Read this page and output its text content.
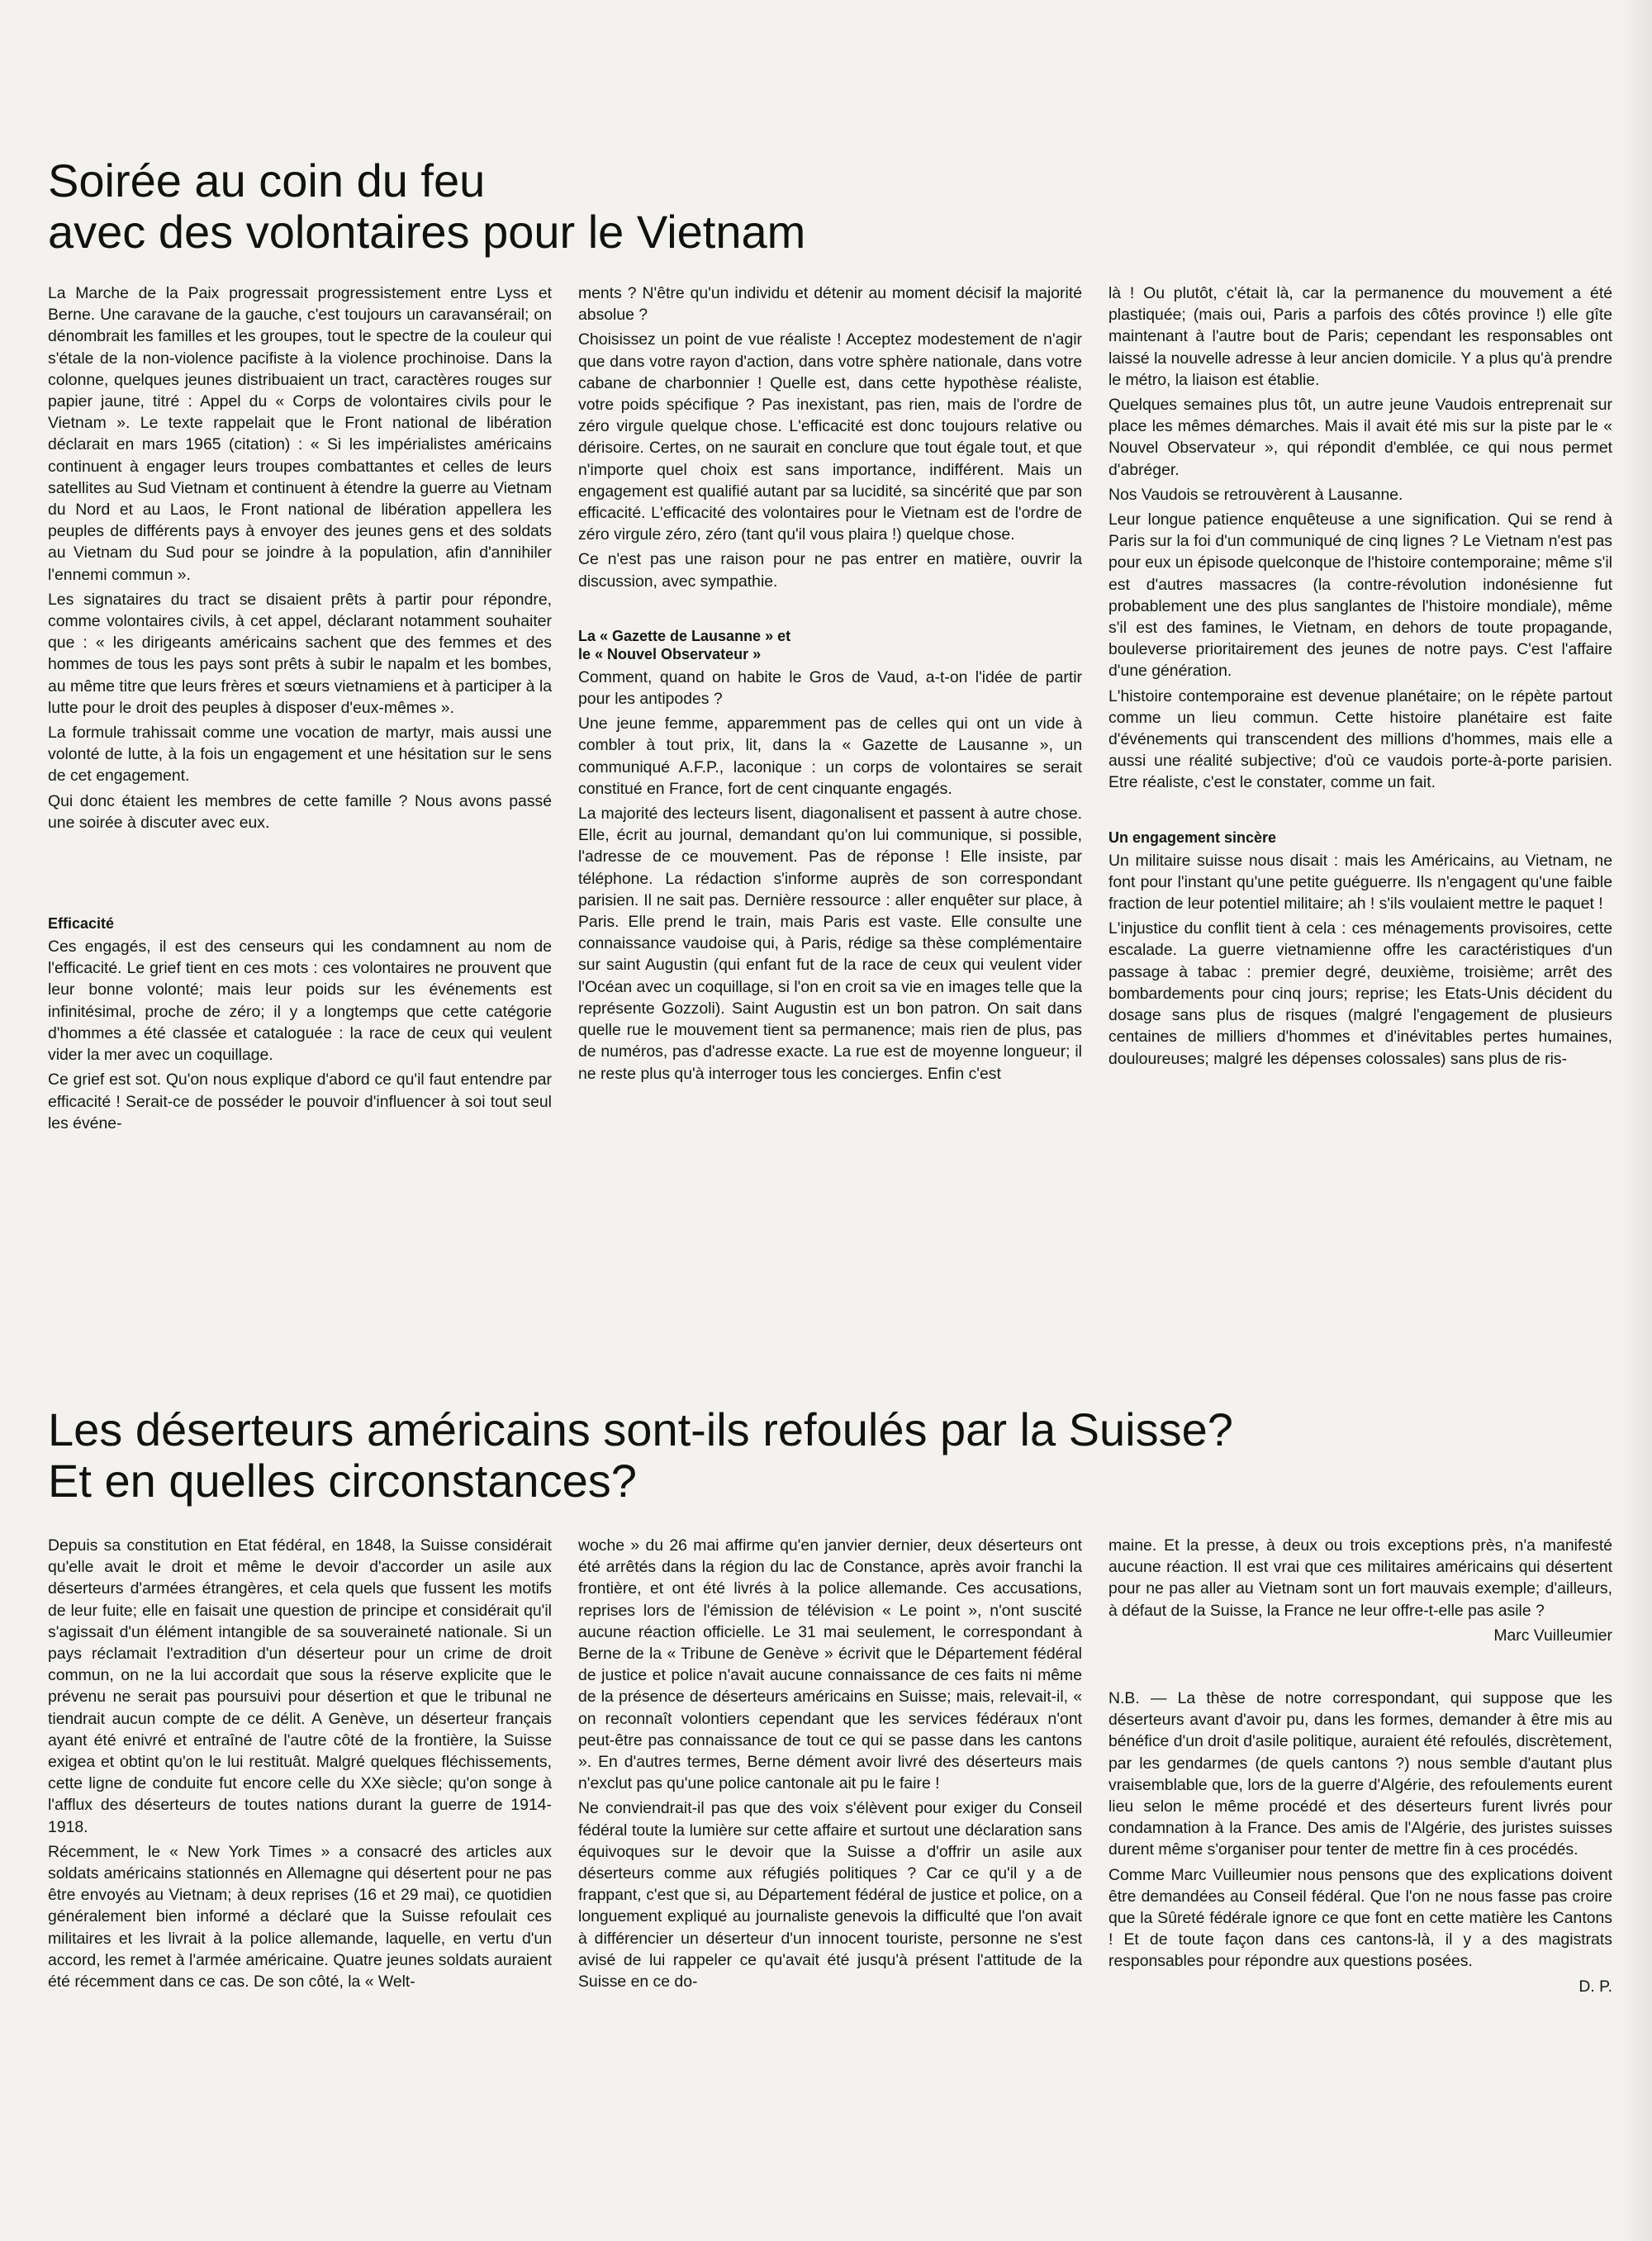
Soirée au coin du feu
avec des volontaires pour le Vietnam

La Marche de la Paix progressait progressistement entre Lyss et Berne. Une caravane de la gauche, c'est toujours un caravansérail; on dénombrait les familles et les groupes, tout le spectre de la couleur qui s'étale de la non-violence pacifiste à la violence prochinoise. Dans la colonne, quelques jeunes distribuaient un tract, caractères rouges sur papier jaune, titré : Appel du « Corps de volontaires civils pour le Vietnam ». Le texte rappelait que le Front national de libération déclarait en mars 1965 (citation) : « Si les impérialistes américains continuent à engager leurs troupes combattantes et celles de leurs satellites au Sud Vietnam et continuent à étendre la guerre au Vietnam du Nord et au Laos, le Front national de libération appellera les peuples de différents pays à envoyer des jeunes gens et des soldats au Vietnam du Sud pour se joindre à la population, afin d'annihiler l'ennemi commun ».

Les signataires du tract se disaient prêts à partir pour répondre, comme volontaires civils, à cet appel, déclarant notamment souhaiter que : « les dirigeants américains sachent que des femmes et des hommes de tous les pays sont prêts à subir le napalm et les bombes, au même titre que leurs frères et sœurs vietnamiens et à participer à la lutte pour le droit des peuples à disposer d'eux-mêmes ».

La formule trahissait comme une vocation de martyr, mais aussi une volonté de lutte, à la fois un engagement et une hésitation sur le sens de cet engagement.

Qui donc étaient les membres de cette famille ? Nous avons passé une soirée à discuter avec eux.

Efficacité

Ces engagés, il est des censeurs qui les condamnent au nom de l'efficacité. Le grief tient en ces mots : ces volontaires ne prouvent que leur bonne volonté; mais leur poids sur les événements est infinitésimal, proche de zéro; il y a longtemps que cette catégorie d'hommes a été classée et cataloguée : la race de ceux qui veulent vider la mer avec un coquillage.

Ce grief est sot. Qu'on nous explique d'abord ce qu'il faut entendre par efficacité ! Serait-ce de posséder le pouvoir d'influencer à soi tout seul les événe-

ments ? N'être qu'un individu et détenir au moment décisif la majorité absolue ?

Choisissez un point de vue réaliste ! Acceptez modestement de n'agir que dans votre rayon d'action, dans votre sphère nationale, dans votre cabane de charbonnier ! Quelle est, dans cette hypothèse réaliste, votre poids spécifique ? Pas inexistant, pas rien, mais de l'ordre de zéro virgule quelque chose. L'efficacité est donc toujours relative ou dérisoire. Certes, on ne saurait en conclure que tout égale tout, et que n'importe quel choix est sans importance, indifférent. Mais un engagement est qualifié autant par sa lucidité, sa sincérité que par son efficacité. L'efficacité des volontaires pour le Vietnam est de l'ordre de zéro virgule zéro, zéro (tant qu'il vous plaira !) quelque chose.

Ce n'est pas une raison pour ne pas entrer en matière, ouvrir la discussion, avec sympathie.

La « Gazette de Lausanne » et
le « Nouvel Observateur »

Comment, quand on habite le Gros de Vaud, a-t-on l'idée de partir pour les antipodes ?

Une jeune femme, apparemment pas de celles qui ont un vide à combler à tout prix, lit, dans la « Gazette de Lausanne », un communiqué A.F.P., laconique : un corps de volontaires se serait constitué en France, fort de cent cinquante engagés.

La majorité des lecteurs lisent, diagonalisent et passent à autre chose. Elle, écrit au journal, demandant qu'on lui communique, si possible, l'adresse de ce mouvement. Pas de réponse ! Elle insiste, par téléphone. La rédaction s'informe auprès de son correspondant parisien. Il ne sait pas. Dernière ressource : aller enquêter sur place, à Paris. Elle prend le train, mais Paris est vaste. Elle consulte une connaissance vaudoise qui, à Paris, rédige sa thèse complémentaire sur saint Augustin (qui enfant fut de la race de ceux qui veulent vider l'Océan avec un coquillage, si l'on en croit sa vie en images telle que la représente Gozzoli). Saint Augustin est un bon patron. On sait dans quelle rue le mouvement tient sa permanence; mais rien de plus, pas de numéros, pas d'adresse exacte. La rue est de moyenne longueur; il ne reste plus qu'à interroger tous les concierges. Enfin c'est

là ! Ou plutôt, c'était là, car la permanence du mouvement a été plastiquée; (mais oui, Paris a parfois des côtés province !) elle gîte maintenant à l'autre bout de Paris; cependant les responsables ont laissé la nouvelle adresse à leur ancien domicile. Y a plus qu'à prendre le métro, la liaison est établie.

Quelques semaines plus tôt, un autre jeune Vaudois entreprenait sur place les mêmes démarches. Mais il avait été mis sur la piste par le « Nouvel Observateur », qui répondit d'emblée, ce qui nous permet d'abréger.

Nos Vaudois se retrouvèrent à Lausanne.

Leur longue patience enquêteuse a une signification. Qui se rend à Paris sur la foi d'un communiqué de cinq lignes ? Le Vietnam n'est pas pour eux un épisode quelconque de l'histoire contemporaine; même s'il est d'autres massacres (la contre-révolution indonésienne fut probablement une des plus sanglantes de l'histoire mondiale), même s'il est des famines, le Vietnam, en dehors de toute propagande, bouleverse prioritairement des jeunes de notre pays. C'est l'affaire d'une génération.

L'histoire contemporaine est devenue planétaire; on le répète partout comme un lieu commun. Cette histoire planétaire est faite d'événements qui transcendent des millions d'hommes, mais elle a aussi une réalité subjective; d'où ce vaudois porte-à-porte parisien. Etre réaliste, c'est le constater, comme un fait.

Un engagement sincère

Un militaire suisse nous disait : mais les Américains, au Vietnam, ne font pour l'instant qu'une petite guéguerre. Ils n'engagent qu'une faible fraction de leur potentiel militaire; ah ! s'ils voulaient mettre le paquet !

L'injustice du conflit tient à cela : ces ménagements provisoires, cette escalade. La guerre vietnamienne offre les caractéristiques d'un passage à tabac : premier degré, deuxième, troisième; arrêt des bombardements pour cinq jours; reprise; les Etats-Unis décident du dosage sans plus de risques (malgré l'engagement de plusieurs centaines de milliers d'hommes et d'inévitables pertes humaines, douloureuses; malgré les dépenses colossales) sans plus de ris-

Les déserteurs américains sont-ils refoulés par la Suisse?
Et en quelles circonstances?

Depuis sa constitution en Etat fédéral, en 1848, la Suisse considérait qu'elle avait le droit et même le devoir d'accorder un asile aux déserteurs d'armées étrangères, et cela quels que fussent les motifs de leur fuite; elle en faisait une question de principe et considérait qu'il s'agissait d'un élément intangible de sa souveraineté nationale. Si un pays réclamait l'extradition d'un déserteur pour un crime de droit commun, on ne la lui accordait que sous la réserve explicite que le prévenu ne serait pas poursuivi pour désertion et que le tribunal ne tiendrait aucun compte de ce délit. A Genève, un déserteur français ayant été enivré et entraîné de l'autre côté de la frontière, la Suisse exigea et obtint qu'on le lui restituât. Malgré quelques fléchissements, cette ligne de conduite fut encore celle du XXe siècle; qu'on songe à l'afflux des déserteurs de toutes nations durant la guerre de 1914-1918.

Récemment, le « New York Times » a consacré des articles aux soldats américains stationnés en Allemagne qui désertent pour ne pas être envoyés au Vietnam; à deux reprises (16 et 29 mai), ce quotidien généralement bien informé a déclaré que la Suisse refoulait ces militaires et les livrait à la police allemande, laquelle, en vertu d'un accord, les remet à l'armée américaine. Quatre jeunes soldats auraient été récemment dans ce cas. De son côté, la « Welt-

woche » du 26 mai affirme qu'en janvier dernier, deux déserteurs ont été arrêtés dans la région du lac de Constance, après avoir franchi la frontière, et ont été livrés à la police allemande. Ces accusations, reprises lors de l'émission de télévision « Le point », n'ont suscité aucune réaction officielle. Le 31 mai seulement, le correspondant à Berne de la « Tribune de Genève » écrivit que le Département fédéral de justice et police n'avait aucune connaissance de ces faits ni même de la présence de déserteurs américains en Suisse; mais, relevait-il, « on reconnaît volontiers cependant que les services fédéraux n'ont peut-être pas connaissance de tout ce qui se passe dans les cantons ». En d'autres termes, Berne dément avoir livré des déserteurs mais n'exclut pas qu'une police cantonale ait pu le faire !

Ne conviendrait-il pas que des voix s'élèvent pour exiger du Conseil fédéral toute la lumière sur cette affaire et surtout une déclaration sans équivoques sur le devoir que la Suisse a d'offrir un asile aux déserteurs comme aux réfugiés politiques ? Car ce qu'il y a de frappant, c'est que si, au Département fédéral de justice et police, on a longuement expliqué au journaliste genevois la difficulté que l'on avait à différencier un déserteur d'un innocent touriste, personne ne s'est avisé de lui rappeler ce qu'avait été jusqu'à présent l'attitude de la Suisse en ce do-

maine. Et la presse, à deux ou trois exceptions près, n'a manifesté aucune réaction. Il est vrai que ces militaires américains qui désertent pour ne pas aller au Vietnam sont un fort mauvais exemple; d'ailleurs, à défaut de la Suisse, la France ne leur offre-t-elle pas asile ?

Marc Vuilleumier

N.B. — La thèse de notre correspondant, qui suppose que les déserteurs avant d'avoir pu, dans les formes, demander à être mis au bénéfice d'un droit d'asile politique, auraient été refoulés, discrètement, par les gendarmes (de quels cantons ?) nous semble d'autant plus vraisemblable que, lors de la guerre d'Algérie, des refoulements eurent lieu selon le même procédé et des déserteurs furent livrés pour condamnation à la France. Des amis de l'Algérie, des juristes suisses durent même s'organiser pour tenter de mettre fin à ces procédés.

Comme Marc Vuilleumier nous pensons que des explications doivent être demandées au Conseil fédéral. Que l'on ne nous fasse pas croire que la Sûreté fédérale ignore ce que font en cette matière les Cantons ! Et de toute façon dans ces cantons-là, il y a des magistrats responsables pour répondre aux questions posées.

D. P.
